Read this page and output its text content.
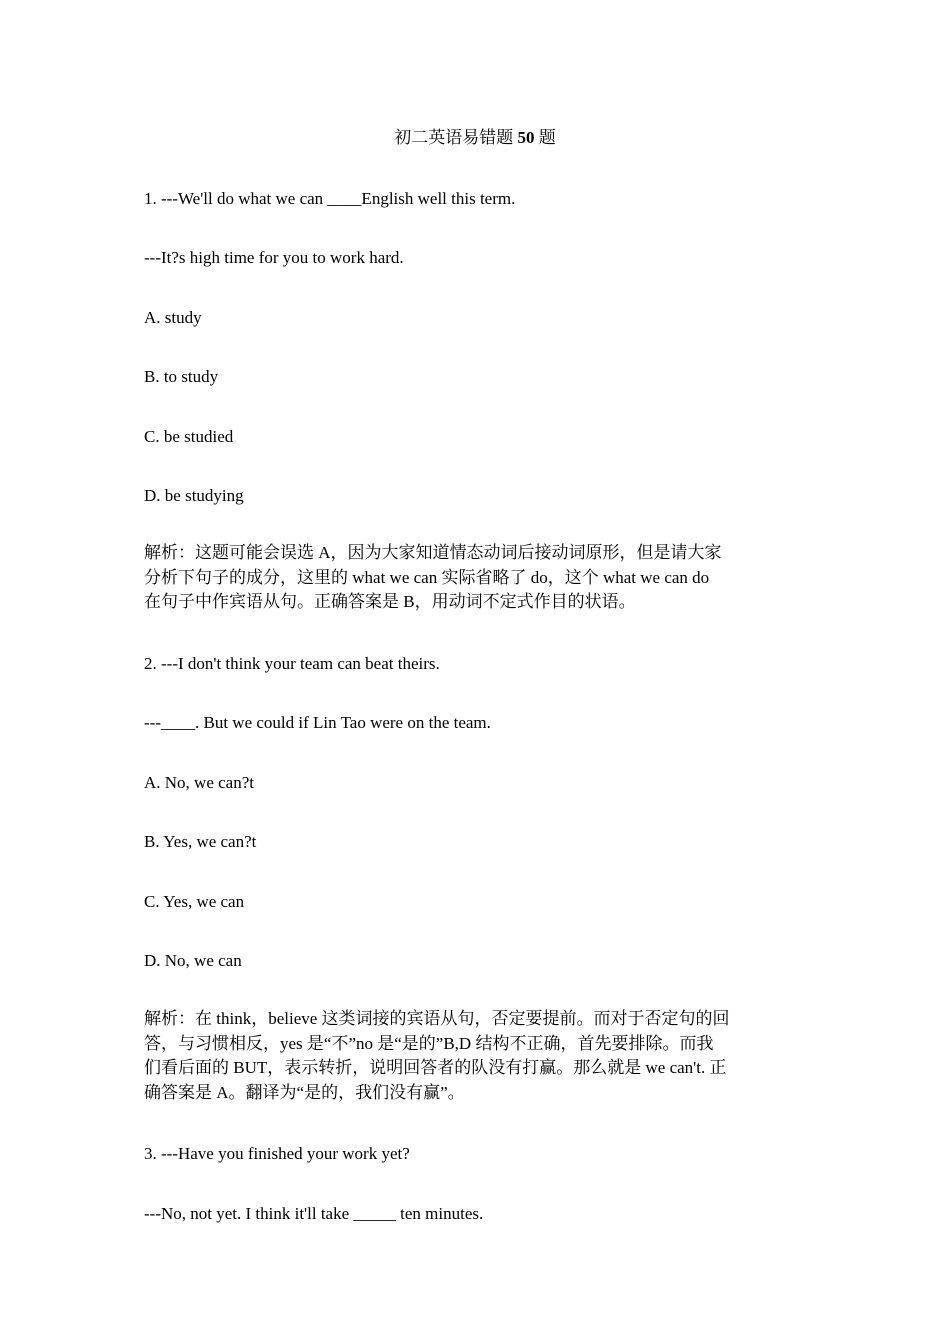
初二英语易错题 50 题
1. ---We'll do what we can ____English well this term.
---It?s high time for you to work hard.
A. study
B. to study
C. be studied
D. be studying
解析：这题可能会误选 A，因为大家知道情态动词后接动词原形，但是请大家
分析下句子的成分，这里的 what we can 实际省略了 do，这个 what we can do
在句子中作宾语从句。正确答案是 B，用动词不定式作目的状语。
2. ---I don't think your team can beat theirs.
---____. But we could if Lin Tao were on the team.
A. No, we can?t
B. Yes, we can?t
C. Yes, we can
D. No, we can
解析：在 think，believe 这类词接的宾语从句，否定要提前。而对于否定句的回
答，与习惯相反，yes 是“不”no 是“是的”B,D 结构不正确，首先要排除。而我
们看后面的 BUT，表示转折，说明回答者的队没有打赢。那么就是 we can't. 正
确答案是 A。翻译为“是的，我们没有赢”。
3. ---Have you finished your work yet?
---No, not yet. I think it'll take _____ ten minutes.
